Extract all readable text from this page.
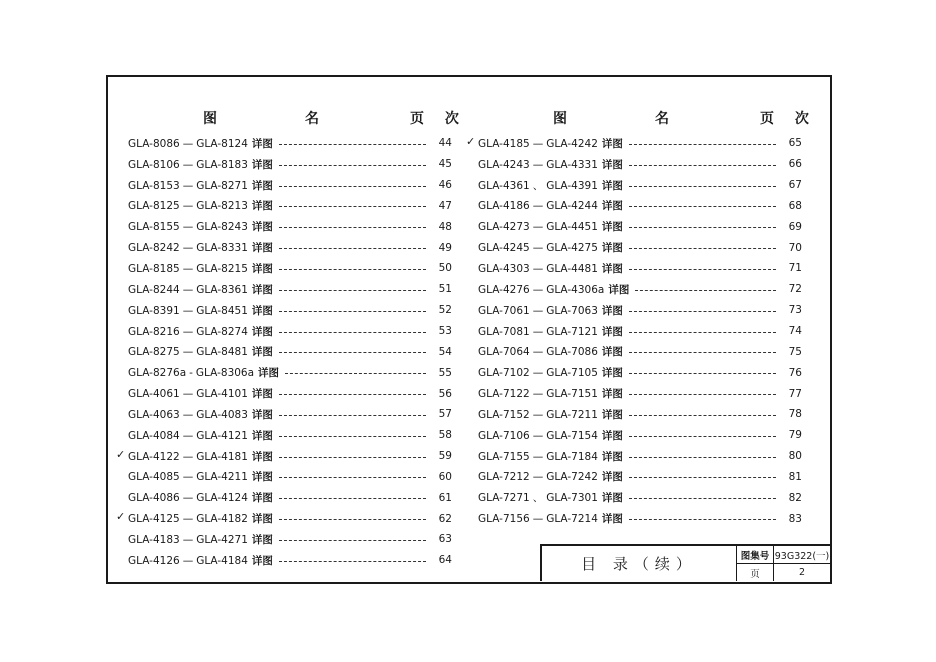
图	名	页 次	图	名	页 次
GLA-8086 — GLA-8124 详图	44
GLA-8106 — GLA-8183 详图	45
GLA-8153 — GLA-8271 详图	46
GLA-8125 — GLA-8213 详图	47
GLA-8155 — GLA-8243 详图	48
GLA-8242 — GLA-8331 详图	49
GLA-8185 — GLA-8215 详图	50
GLA-8244 — GLA-8361 详图	51
GLA-8391 — GLA-8451 详图	52
GLA-8216 — GLA-8274 详图	53
GLA-8275 — GLA-8481 详图	54
GLA-8276a - GLA-8306a 详图	55
GLA-4061 — GLA-4101 详图	56
GLA-4063 — GLA-4083 详图	57
GLA-4084 — GLA-4121 详图	58
✓ GLA-4122 — GLA-4181 详图	59
GLA-4085 — GLA-4211 详图	60
GLA-4086 — GLA-4124 详图	61
✓ GLA-4125 — GLA-4182 详图	62
GLA-4183 — GLA-4271 详图	63
GLA-4126 — GLA-4184 详图	64
✓ GLA-4185 — GLA-4242 详图	65
GLA-4243 — GLA-4331 详图	66
GLA-4361 、 GLA-4391 详图	67
GLA-4186 — GLA-4244 详图	68
GLA-4273 — GLA-4451 详图	69
GLA-4245 — GLA-4275 详图	70
GLA-4303 — GLA-4481 详图	71
GLA-4276 — GLA-4306a 详图	72
GLA-7061 — GLA-7063 详图	73
GLA-7081 — GLA-7121 详图	74
GLA-7064 — GLA-7086 详图	75
GLA-7102 — GLA-7105 详图	76
GLA-7122 — GLA-7151 详图	77
GLA-7152 — GLA-7211 详图	78
GLA-7106 — GLA-7154 详图	79
GLA-7155 — GLA-7184 详图	80
GLA-7212 — GLA-7242 详图	81
GLA-7271 、 GLA-7301 详图	82
GLA-7156 — GLA-7214 详图	83
目 录（续）	图集号 93G322(一)
页	2
